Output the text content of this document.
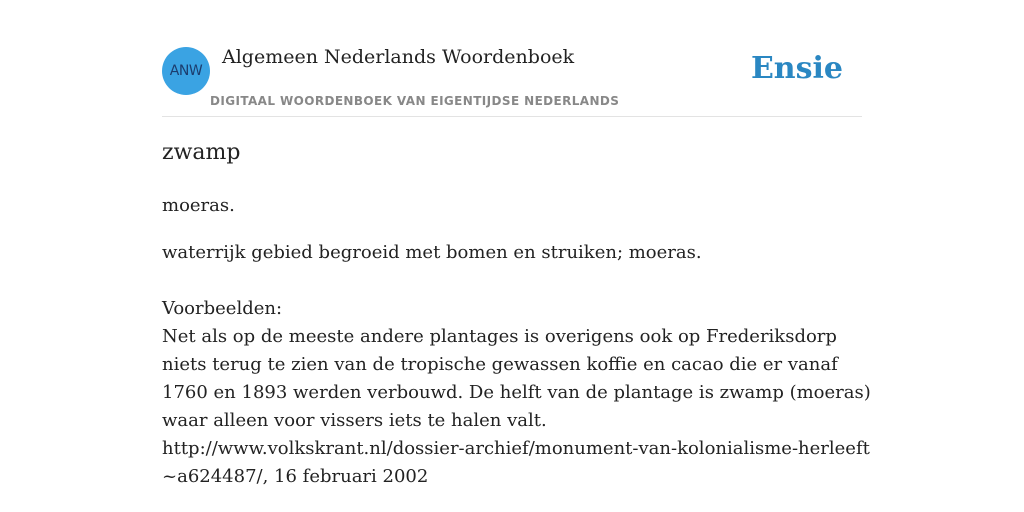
ANW
Algemeen Nederlands Woordenboek
DIGITAAL WOORDENBOEK VAN EIGENTIJDSE NEDERLANDS
Ensie
zwamp
moeras.
waterrijk gebied begroeid met bomen en struiken; moeras.
Voorbeelden:
Net als op de meeste andere plantages is overigens ook op Frederiksdorp niets terug te zien van de tropische gewassen koffie en cacao die er vanaf 1760 en 1893 werden verbouwd. De helft van de plantage is zwamp (moeras) waar alleen voor vissers iets te halen valt.
http://www.volkskrant.nl/dossier-archief/monument-van-kolonialisme-herleeft~a624487/, 16 februari 2002
